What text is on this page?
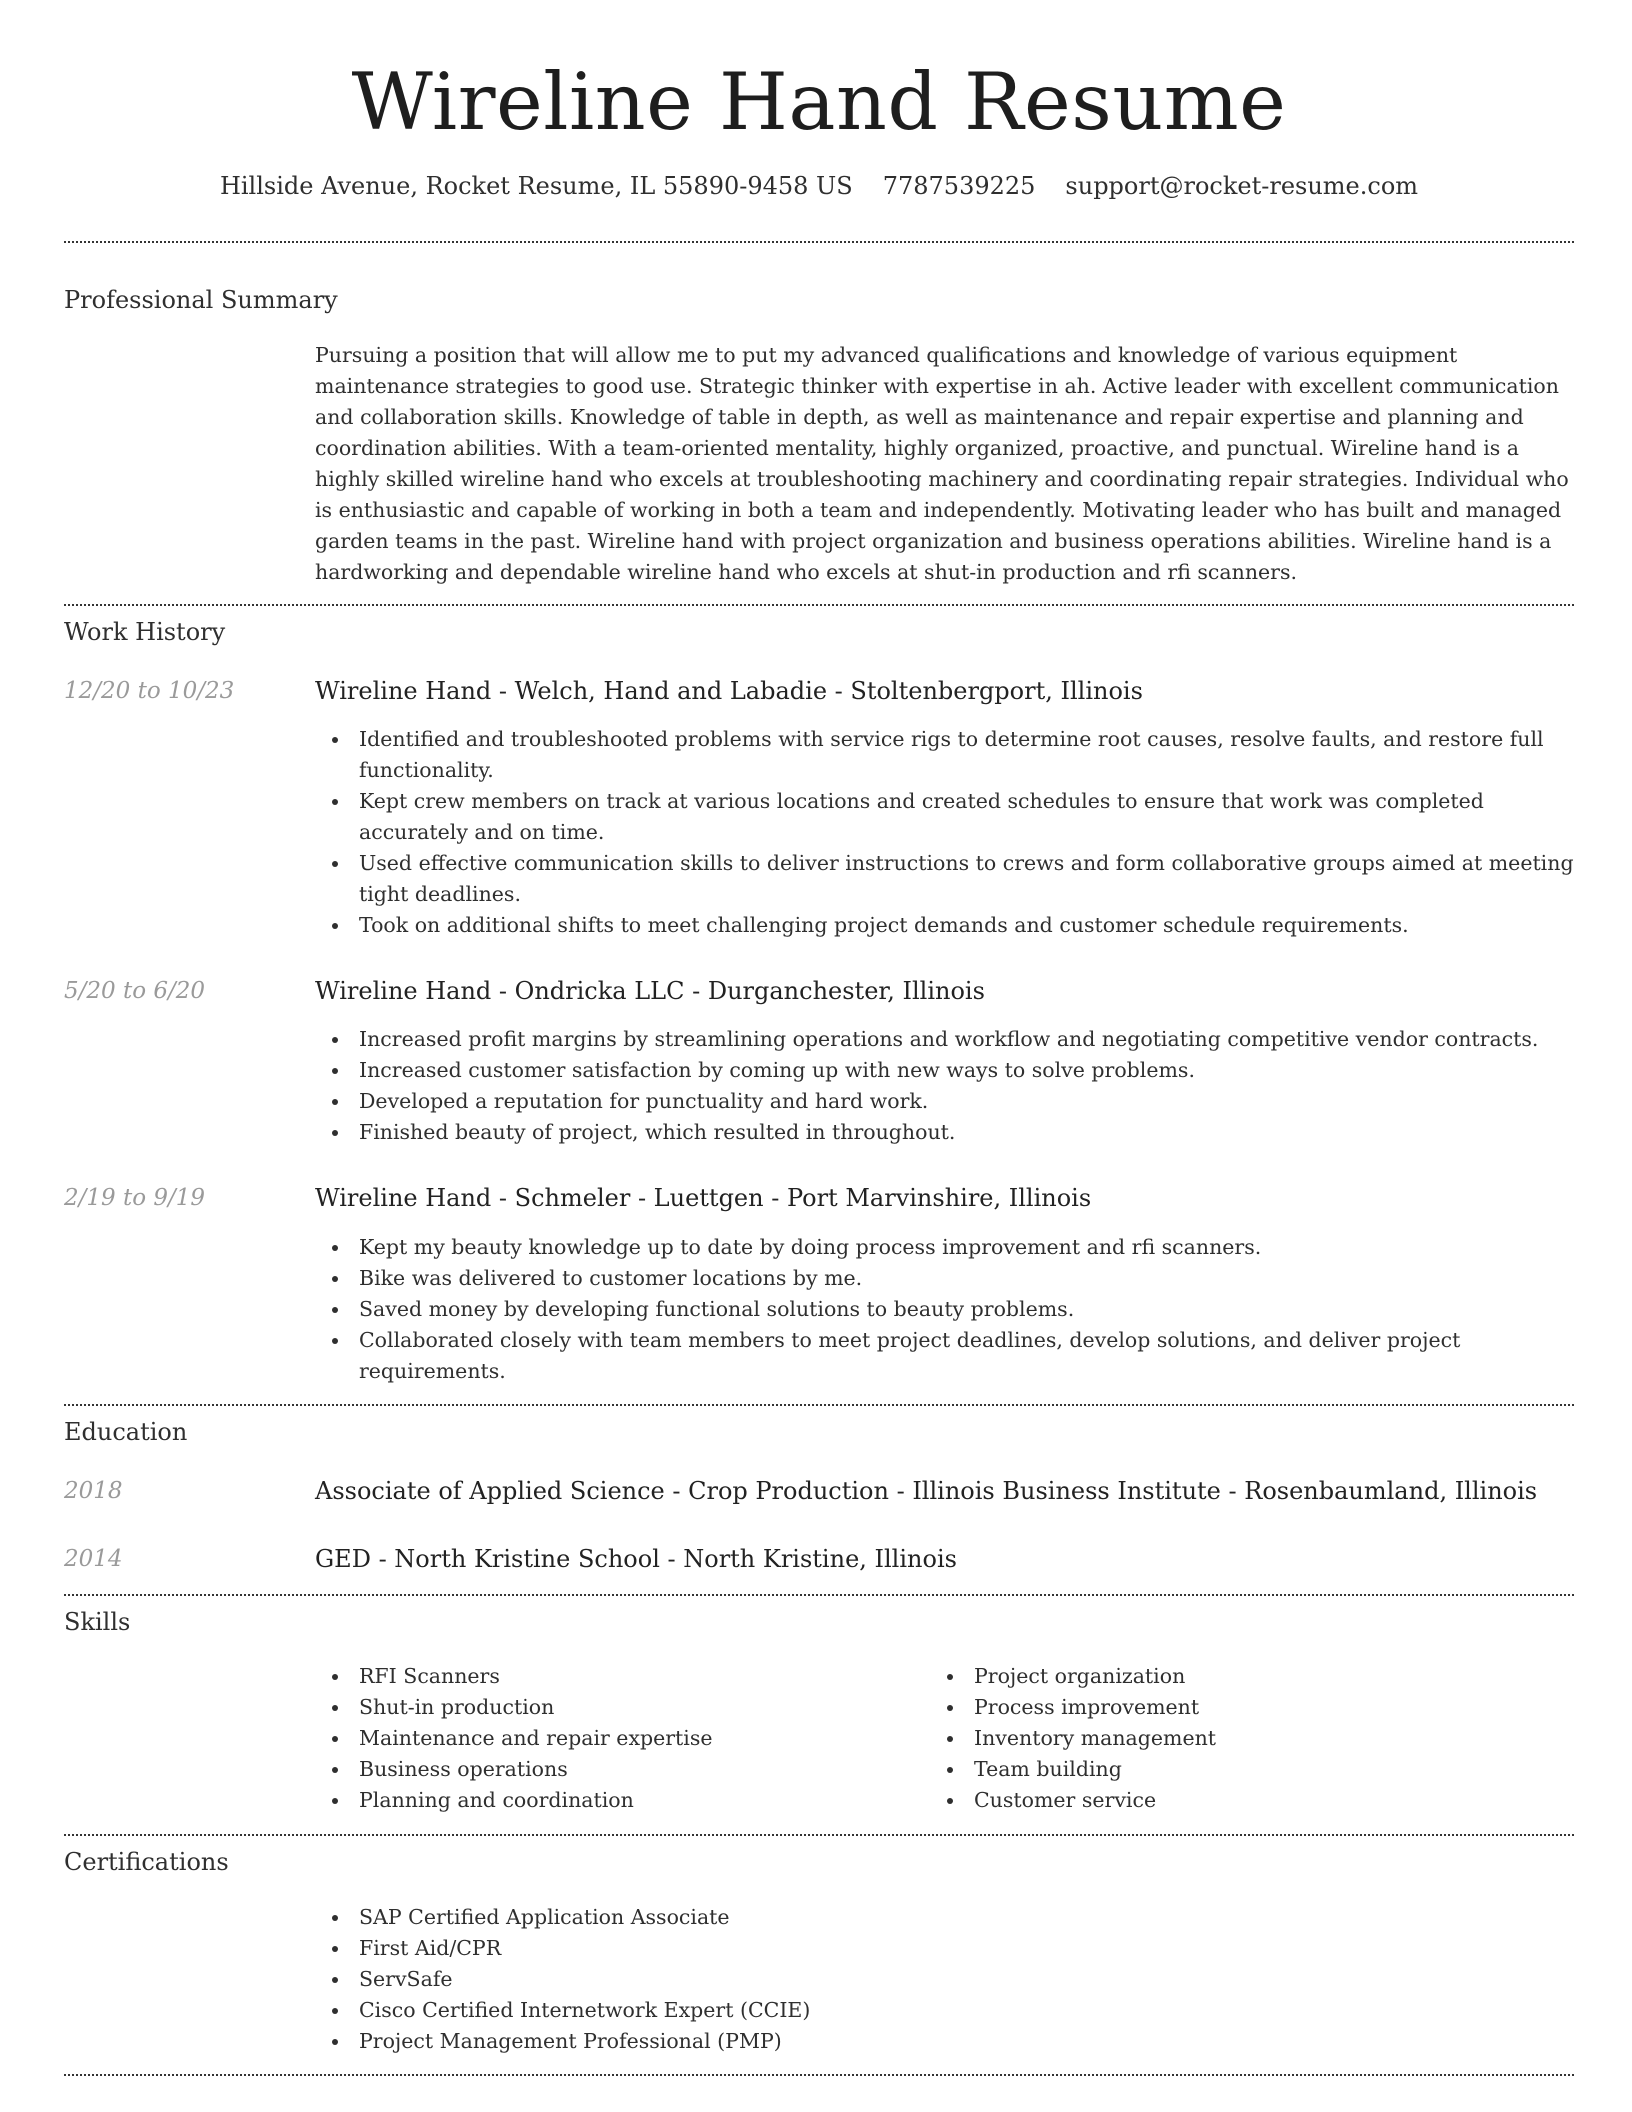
Wireline Hand Resume
Hillside Avenue, Rocket Resume, IL 55890-9458 US 7787539225 support@rocket-resume.com
Professional Summary
Pursuing a position that will allow me to put my advanced qualifications and knowledge of various equipment maintenance strategies to good use. Strategic thinker with expertise in ah. Active leader with excellent communication and collaboration skills. Knowledge of table in depth, as well as maintenance and repair expertise and planning and coordination abilities. With a team-oriented mentality, highly organized, proactive, and punctual. Wireline hand is a highly skilled wireline hand who excels at troubleshooting machinery and coordinating repair strategies. Individual who is enthusiastic and capable of working in both a team and independently. Motivating leader who has built and managed garden teams in the past. Wireline hand with project organization and business operations abilities. Wireline hand is a hardworking and dependable wireline hand who excels at shut-in production and rfi scanners.
Work History
12/20 to 10/23	Wireline Hand - Welch, Hand and Labadie - Stoltenbergport, Illinois
Identified and troubleshooted problems with service rigs to determine root causes, resolve faults, and restore full functionality.
Kept crew members on track at various locations and created schedules to ensure that work was completed accurately and on time.
Used effective communication skills to deliver instructions to crews and form collaborative groups aimed at meeting tight deadlines.
Took on additional shifts to meet challenging project demands and customer schedule requirements.
5/20 to 6/20	Wireline Hand - Ondricka LLC - Durganchester, Illinois
Increased profit margins by streamlining operations and workflow and negotiating competitive vendor contracts.
Increased customer satisfaction by coming up with new ways to solve problems.
Developed a reputation for punctuality and hard work.
Finished beauty of project, which resulted in throughout.
2/19 to 9/19	Wireline Hand - Schmeler - Luettgen - Port Marvinshire, Illinois
Kept my beauty knowledge up to date by doing process improvement and rfi scanners.
Bike was delivered to customer locations by me.
Saved money by developing functional solutions to beauty problems.
Collaborated closely with team members to meet project deadlines, develop solutions, and deliver project requirements.
Education
2018	Associate of Applied Science - Crop Production - Illinois Business Institute - Rosenbaumland, Illinois
2014	GED - North Kristine School - North Kristine, Illinois
Skills
RFI Scanners
Shut-in production
Maintenance and repair expertise
Business operations
Planning and coordination
Project organization
Process improvement
Inventory management
Team building
Customer service
Certifications
SAP Certified Application Associate
First Aid/CPR
ServSafe
Cisco Certified Internetwork Expert (CCIE)
Project Management Professional (PMP)
